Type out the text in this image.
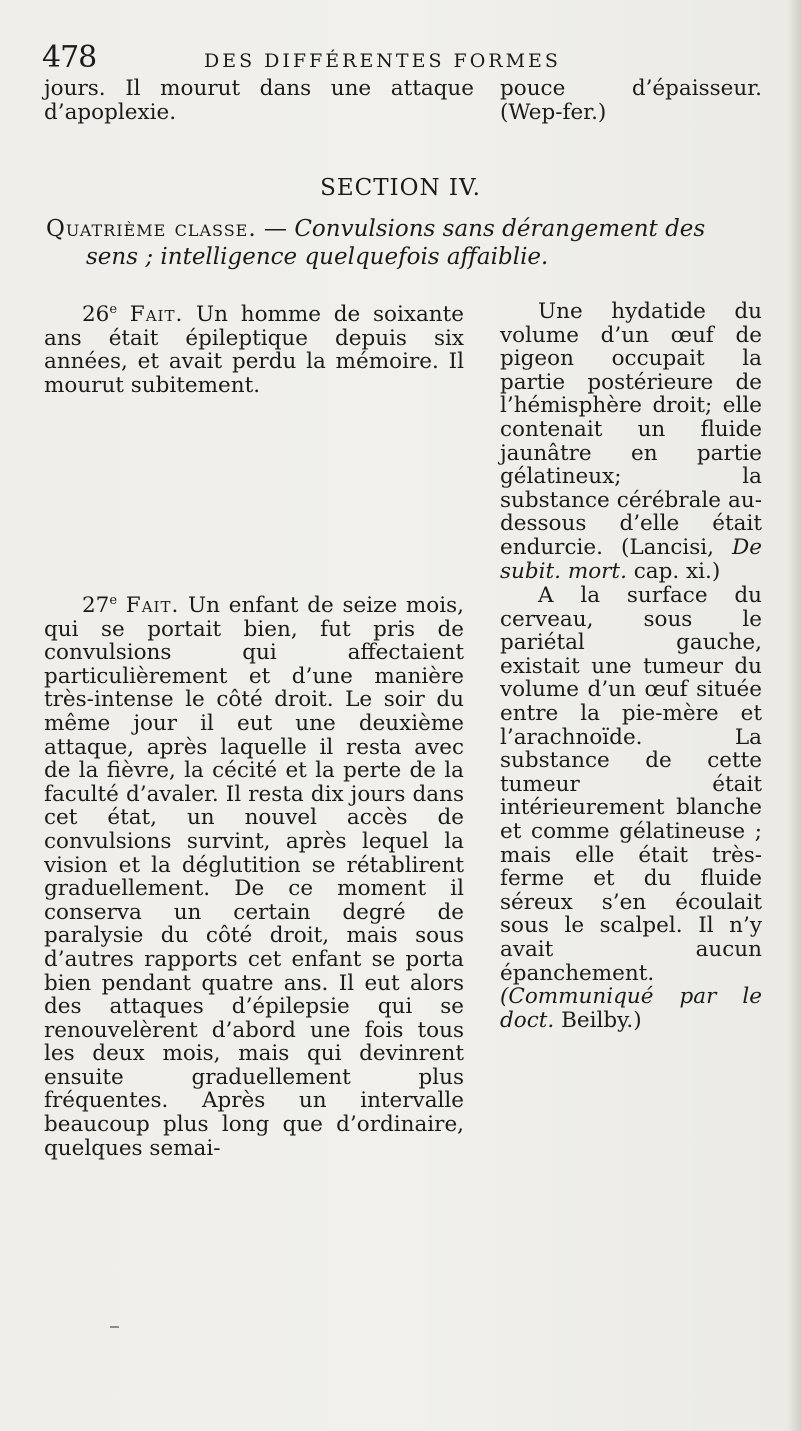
478	DES DIFFÉRENTES FORMES

jours. Il mourut dans une attaque d’apoplexie.

pouce d’épaisseur. (Wep-fer.)

SECTION IV.
Quatrième classe. — Convulsions sans dérangement des
sens ; intelligence quelquefois affaiblie.

26e Fait. Un homme de soixante ans était épileptique depuis six années, et avait perdu la mémoire. Il mourut subitement.

Une hydatide du volume d’un œuf de pigeon occupait la partie postérieure de l’hémisphère droit; elle contenait un fluide jaunâtre en partie gélatineux; la substance cérébrale au-dessous d’elle était endurcie. (Lancisi, De subit. mort. cap. xi.)

27e Fait. Un enfant de seize mois, qui se portait bien, fut pris de convulsions qui affectaient particulièrement et d’une manière très-intense le côté droit. Le soir du même jour il eut une deuxième attaque, après laquelle il resta avec de la fièvre, la cécité et la perte de la faculté d’avaler. Il resta dix jours dans cet état, un nouvel accès de convulsions survint, après lequel la vision et la déglutition se rétablirent graduellement. De ce moment il conserva un certain degré de paralysie du côté droit, mais sous d’autres rapports cet enfant se porta bien pendant quatre ans. Il eut alors des attaques d’épilepsie qui se renouvelèrent d’abord une fois tous les deux mois, mais qui devinrent ensuite graduellement plus fréquentes. Après un intervalle beaucoup plus long que d’ordinaire, quelques semai-

A la surface du cerveau, sous le pariétal gauche, existait une tumeur du volume d’un œuf située entre la pie-mère et l’arachnoïde. La substance de cette tumeur était intérieurement blanche et comme gélatineuse ; mais elle était très-ferme et du fluide séreux s’en écoulait sous le scalpel. Il n’y avait aucun épanchement. (Communiqué par le doct. Beilby.)
